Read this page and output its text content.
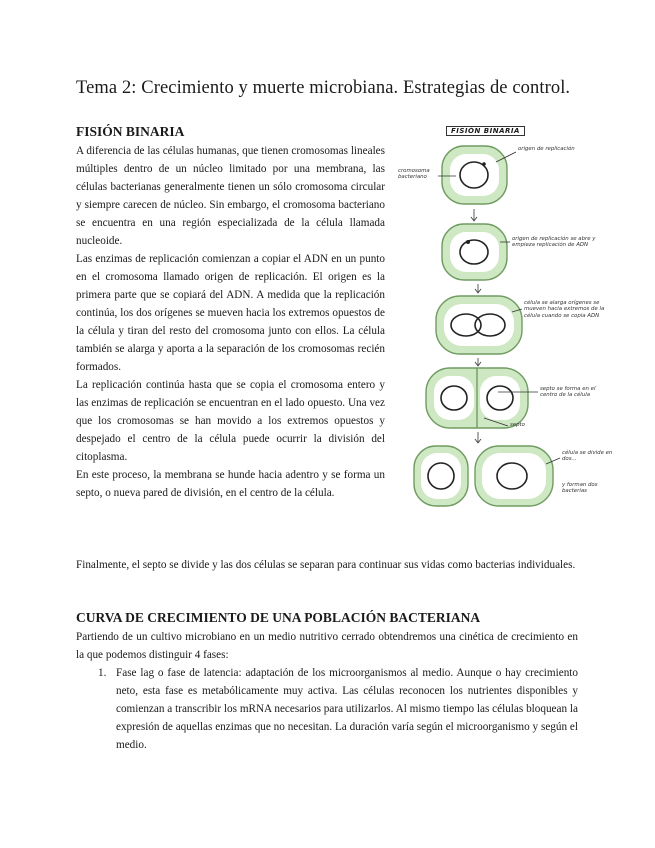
Tema 2: Crecimiento y muerte microbiana. Estrategias de control.
FISIÓN BINARIA

A diferencia de las células humanas, que tienen cromosomas lineales múltiples dentro de un núcleo limitado por una membrana, las células bacterianas generalmente tienen un sólo cromosoma circular y siempre carecen de núcleo. Sin embargo, el cromosoma bacteriano se encuentra en una región especializada de la célula llamada nucleoide.

Las enzimas de replicación comienzan a copiar el ADN en un punto en el cromosoma llamado origen de replicación. El origen es la primera parte que se copiará del ADN. A medida que la replicación continúa, los dos orígenes se mueven hacia los extremos opuestos de la célula y tiran del resto del cromosoma junto con ellos. La célula también se alarga y aporta a la separación de los cromosomas recién formados.

La replicación continúa hasta que se copia el cromosoma entero y las enzimas de replicación se encuentran en el lado opuesto. Una vez que los cromosomas se han movido a los extremos opuestos y despejado el centro de la célula puede ocurrir la división del citoplasma.

En este proceso, la membrana se hunde hacia adentro y se forma un septo, o nueva pared de división, en el centro de la célula.

Finalmente, el septo se divide y las dos células se separan para continuar sus vidas como bacterias individuales.

FISIÓN BINARIA
cromosoma bacteriano
origen de replicación
origen de replicación se abre y empieza replicación de ADN
célula se alarga orígenes se mueven hacia extremos de la célula cuando se copia ADN
septo se forma en el centro de la célula
septo
célula se divide en dos...
y forman dos bacterias
CURVA DE CRECIMIENTO DE UNA POBLACIÓN BACTERIANA

Partiendo de un cultivo microbiano en un medio nutritivo cerrado obtendremos una cinética de crecimiento en la que podemos distinguir 4 fases:

1. Fase lag o fase de latencia: adaptación de los microorganismos al medio. Aunque o hay crecimiento neto, esta fase es metabólicamente muy activa. Las células reconocen los nutrientes disponibles y comienzan a transcribir los mRNA necesarios para utilizarlos. Al mismo tiempo las células bloquean la expresión de aquellas enzimas que no necesitan. La duración varía según el microorganismo y según el medio.
